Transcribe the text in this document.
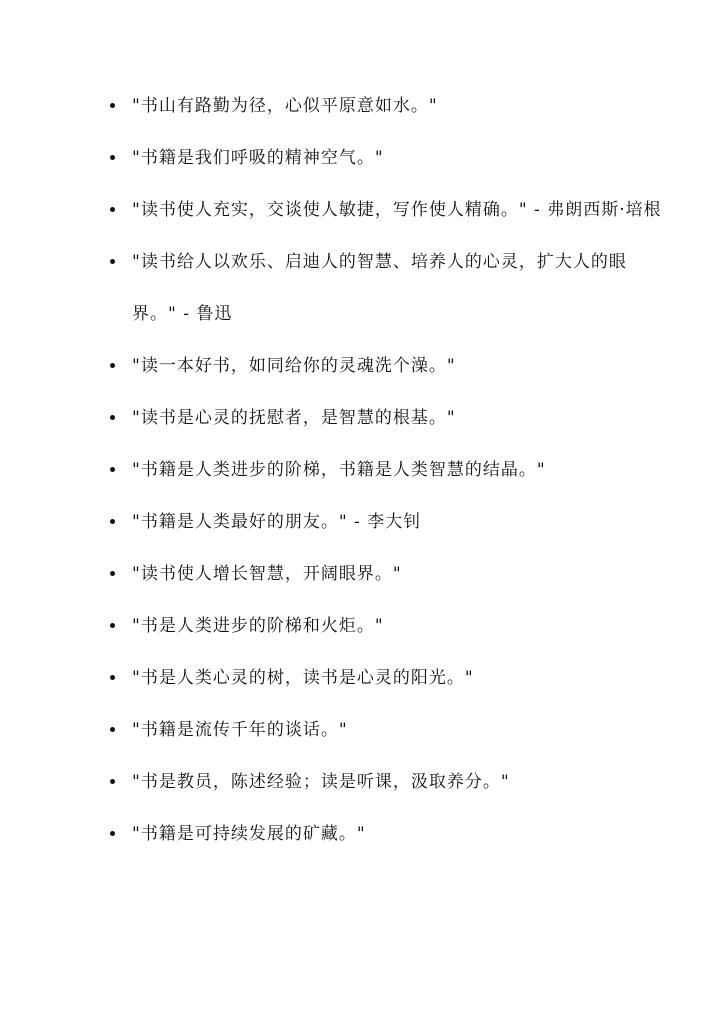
"书山有路勤为径，心似平原意如水。"
"书籍是我们呼吸的精神空气。"
"读书使人充实，交谈使人敏捷，写作使人精确。" - 弗朗西斯·培根
"读书给人以欢乐、启迪人的智慧、培养人的心灵，扩大人的眼界。" - 鲁迅
"读一本好书，如同给你的灵魂洗个澡。"
"读书是心灵的抚慰者，是智慧的根基。"
"书籍是人类进步的阶梯，书籍是人类智慧的结晶。"
"书籍是人类最好的朋友。" - 李大钊
"读书使人增长智慧，开阔眼界。"
"书是人类进步的阶梯和火炬。"
"书是人类心灵的树，读书是心灵的阳光。"
"书籍是流传千年的谈话。"
"书是教员，陈述经验；读是听课，汲取养分。"
"书籍是可持续发展的矿藏。"
